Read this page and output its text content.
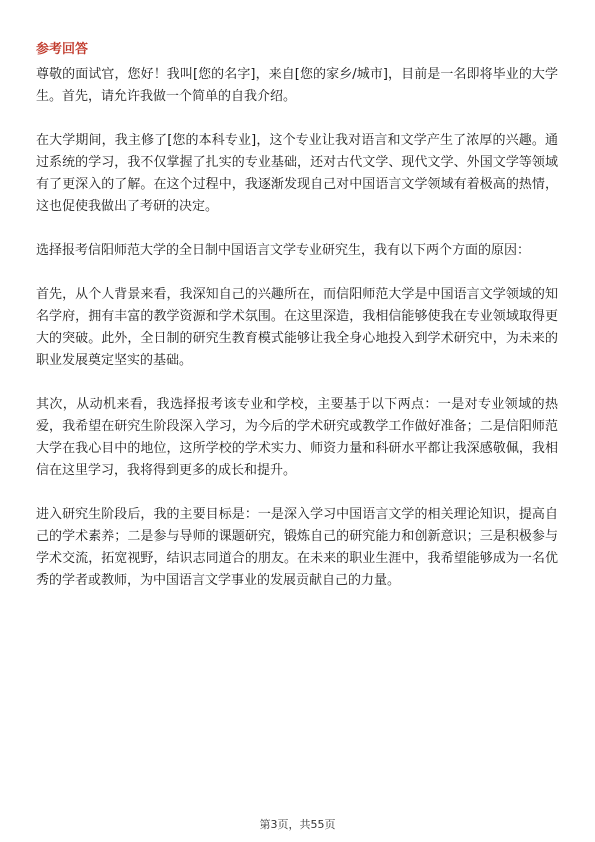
参考回答

尊敬的面试官，您好！我叫[您的名字]，来自[您的家乡/城市]，目前是一名即将毕业的大学生。首先，请允许我做一个简单的自我介绍。

在大学期间，我主修了[您的本科专业]，这个专业让我对语言和文学产生了浓厚的兴趣。通过系统的学习，我不仅掌握了扎实的专业基础，还对古代文学、现代文学、外国文学等领域有了更深入的了解。在这个过程中，我逐渐发现自己对中国语言文学领域有着极高的热情，这也促使我做出了考研的决定。

选择报考信阳师范大学的全日制中国语言文学专业研究生，我有以下两个方面的原因：

首先，从个人背景来看，我深知自己的兴趣所在，而信阳师范大学是中国语言文学领域的知名学府，拥有丰富的教学资源和学术氛围。在这里深造，我相信能够使我在专业领域取得更大的突破。此外，全日制的研究生教育模式能够让我全身心地投入到学术研究中，为未来的职业发展奠定坚实的基础。

其次，从动机来看，我选择报考该专业和学校，主要基于以下两点：一是对专业领域的热爱，我希望在研究生阶段深入学习，为今后的学术研究或教学工作做好准备；二是信阳师范大学在我心目中的地位，这所学校的学术实力、师资力量和科研水平都让我深感敬佩，我相信在这里学习，我将得到更多的成长和提升。

进入研究生阶段后，我的主要目标是：一是深入学习中国语言文学的相关理论知识，提高自己的学术素养；二是参与导师的课题研究，锻炼自己的研究能力和创新意识；三是积极参与学术交流，拓宽视野，结识志同道合的朋友。在未来的职业生涯中，我希望能够成为一名优秀的学者或教师，为中国语言文学事业的发展贡献自己的力量。

第3页，共55页
